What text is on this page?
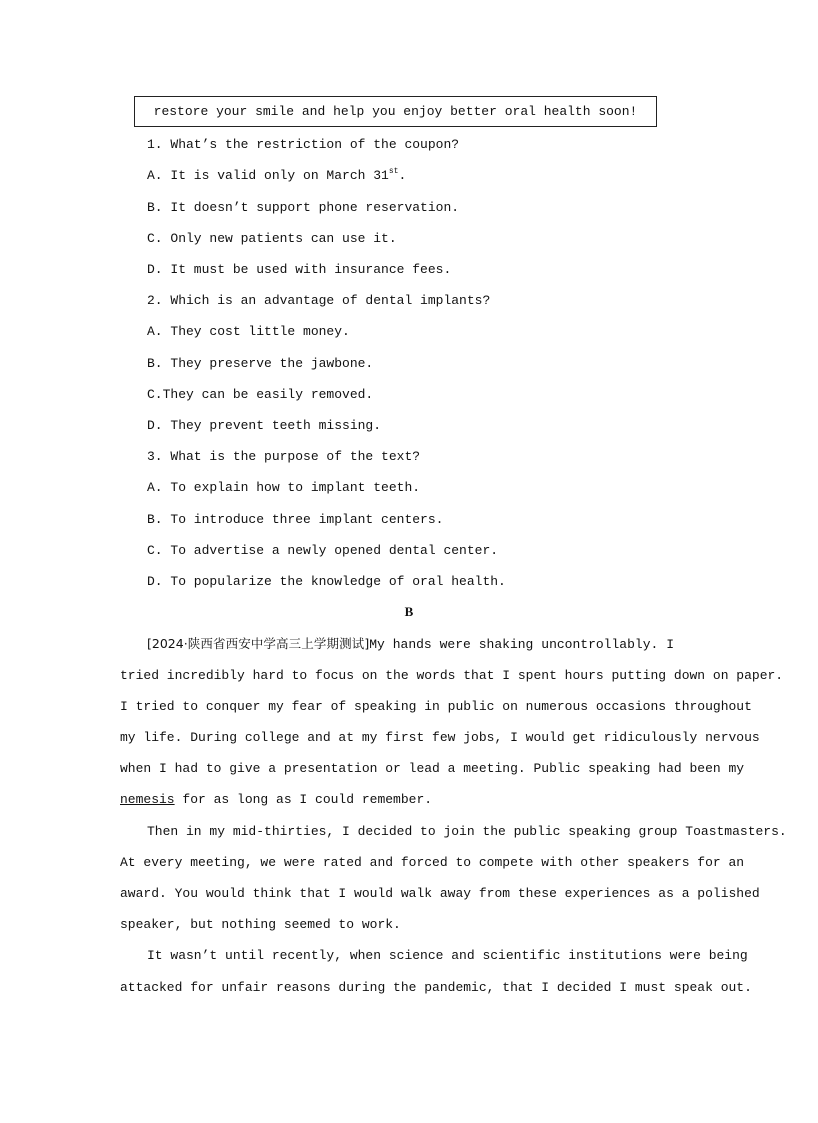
restore your smile and help you enjoy better oral health soon!
1. What’s the restriction of the coupon?
A. It is valid only on March 31st.
B. It doesn’t support phone reservation.
C. Only new patients can use it.
D. It must be used with insurance fees.
2. Which is an advantage of dental implants?
A. They cost little money.
B. They preserve the jawbone.
C.They can be easily removed.
D. They prevent teeth missing.
3. What is the purpose of the text?
A. To explain how to implant teeth.
B. To introduce three implant centers.
C. To advertise a newly opened dental center.
D. To popularize the knowledge of oral health.
B
[2024·陕西省西安中学高三上学期测试]My hands were shaking uncontrollably. I
tried incredibly hard to focus on the words that I spent hours putting down on paper.
I tried to conquer my fear of speaking in public on numerous occasions throughout
my life. During college and at my first few jobs, I would get ridiculously nervous
when I had to give a presentation or lead a meeting. Public speaking had been my
nemesis for as long as I could remember.
Then in my mid-thirties, I decided to join the public speaking group Toastmasters.
At every meeting, we were rated and forced to compete with other speakers for an
award. You would think that I would walk away from these experiences as a polished
speaker, but nothing seemed to work.
It wasn’t until recently, when science and scientific institutions were being
attacked for unfair reasons during the pandemic, that I decided I must speak out.
